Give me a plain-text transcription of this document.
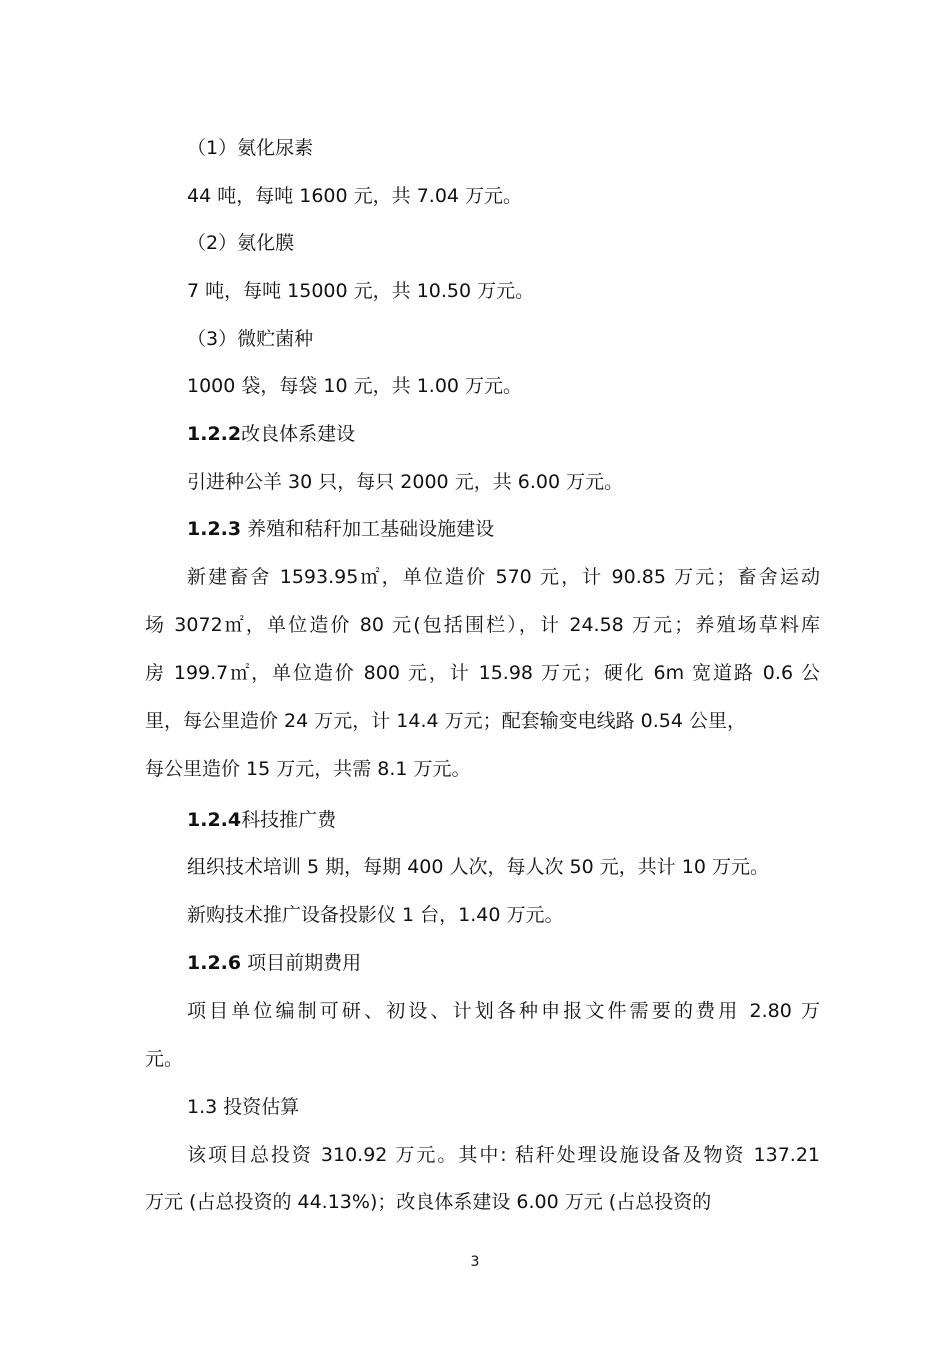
（1）氨化尿素
44 吨，每吨 1600 元，共 7.04 万元。
（2）氨化膜
7 吨，每吨 15000 元，共 10.50 万元。
（3）微贮菌种
1000 袋，每袋 10 元，共 1.00 万元。
1.2.2改良体系建设
引进种公羊 30 只，每只 2000 元，共 6.00 万元。
1.2.3 养殖和秸秆加工基础设施建设
新建畜舍 1593.95㎡，单位造价 570 元，计 90.85 万元；畜舍运动
场 3072㎡，单位造价 80 元(包括围栏），计 24.58 万元；养殖场草料库
房 199.7㎡，单位造价 800 元，计 15.98 万元；硬化 6m 宽道路 0.6 公
里，每公里造价 24 万元，计 14.4 万元；配套输变电线路 0.54 公里，
每公里造价 15 万元，共需 8.1 万元。
1.2.4科技推广费
组织技术培训 5 期，每期 400 人次，每人次 50 元，共计 10 万元。
新购技术推广设备投影仪 1 台，1.40 万元。
1.2.6 项目前期费用
项目单位编制可研、初设、计划各种申报文件需要的费用 2.80 万
元。
1.3 投资估算
该项目总投资 310.92 万元。其中: 秸秆处理设施设备及物资 137.21
万元 (占总投资的 44.13%)；改良体系建设 6.00 万元 (占总投资的
3
